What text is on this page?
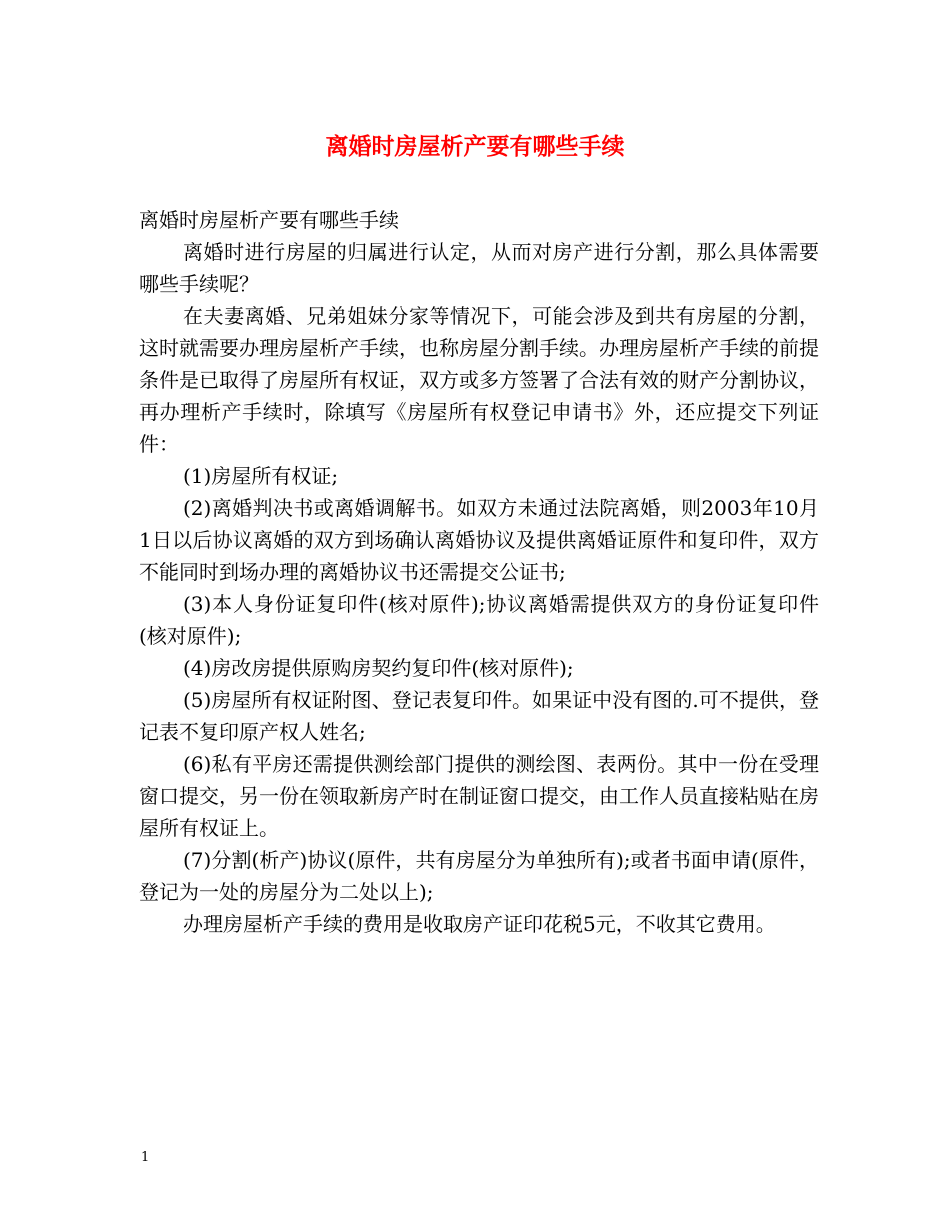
离婚时房屋析产要有哪些手续

离婚时房屋析产要有哪些手续

离婚时进行房屋的归属进行认定，从而对房产进行分割，那么具体需要哪些手续呢？

在夫妻离婚、兄弟姐妹分家等情况下，可能会涉及到共有房屋的分割，这时就需要办理房屋析产手续，也称房屋分割手续。办理房屋析产手续的前提条件是已取得了房屋所有权证，双方或多方签署了合法有效的财产分割协议，再办理析产手续时，除填写《房屋所有权登记申请书》外，还应提交下列证件：

(1)房屋所有权证;

(2)离婚判决书或离婚调解书。如双方未通过法院离婚，则2003年10月1日以后协议离婚的双方到场确认离婚协议及提供离婚证原件和复印件，双方不能同时到场办理的离婚协议书还需提交公证书;

(3)本人身份证复印件(核对原件);协议离婚需提供双方的身份证复印件(核对原件);

(4)房改房提供原购房契约复印件(核对原件);

(5)房屋所有权证附图、登记表复印件。如果证中没有图的.可不提供，登记表不复印原产权人姓名;

(6)私有平房还需提供测绘部门提供的测绘图、表两份。其中一份在受理窗口提交，另一份在领取新房产时在制证窗口提交，由工作人员直接粘贴在房屋所有权证上。

(7)分割(析产)协议(原件，共有房屋分为单独所有);或者书面申请(原件，登记为一处的房屋分为二处以上);

办理房屋析产手续的费用是收取房产证印花税5元，不收其它费用。

1
